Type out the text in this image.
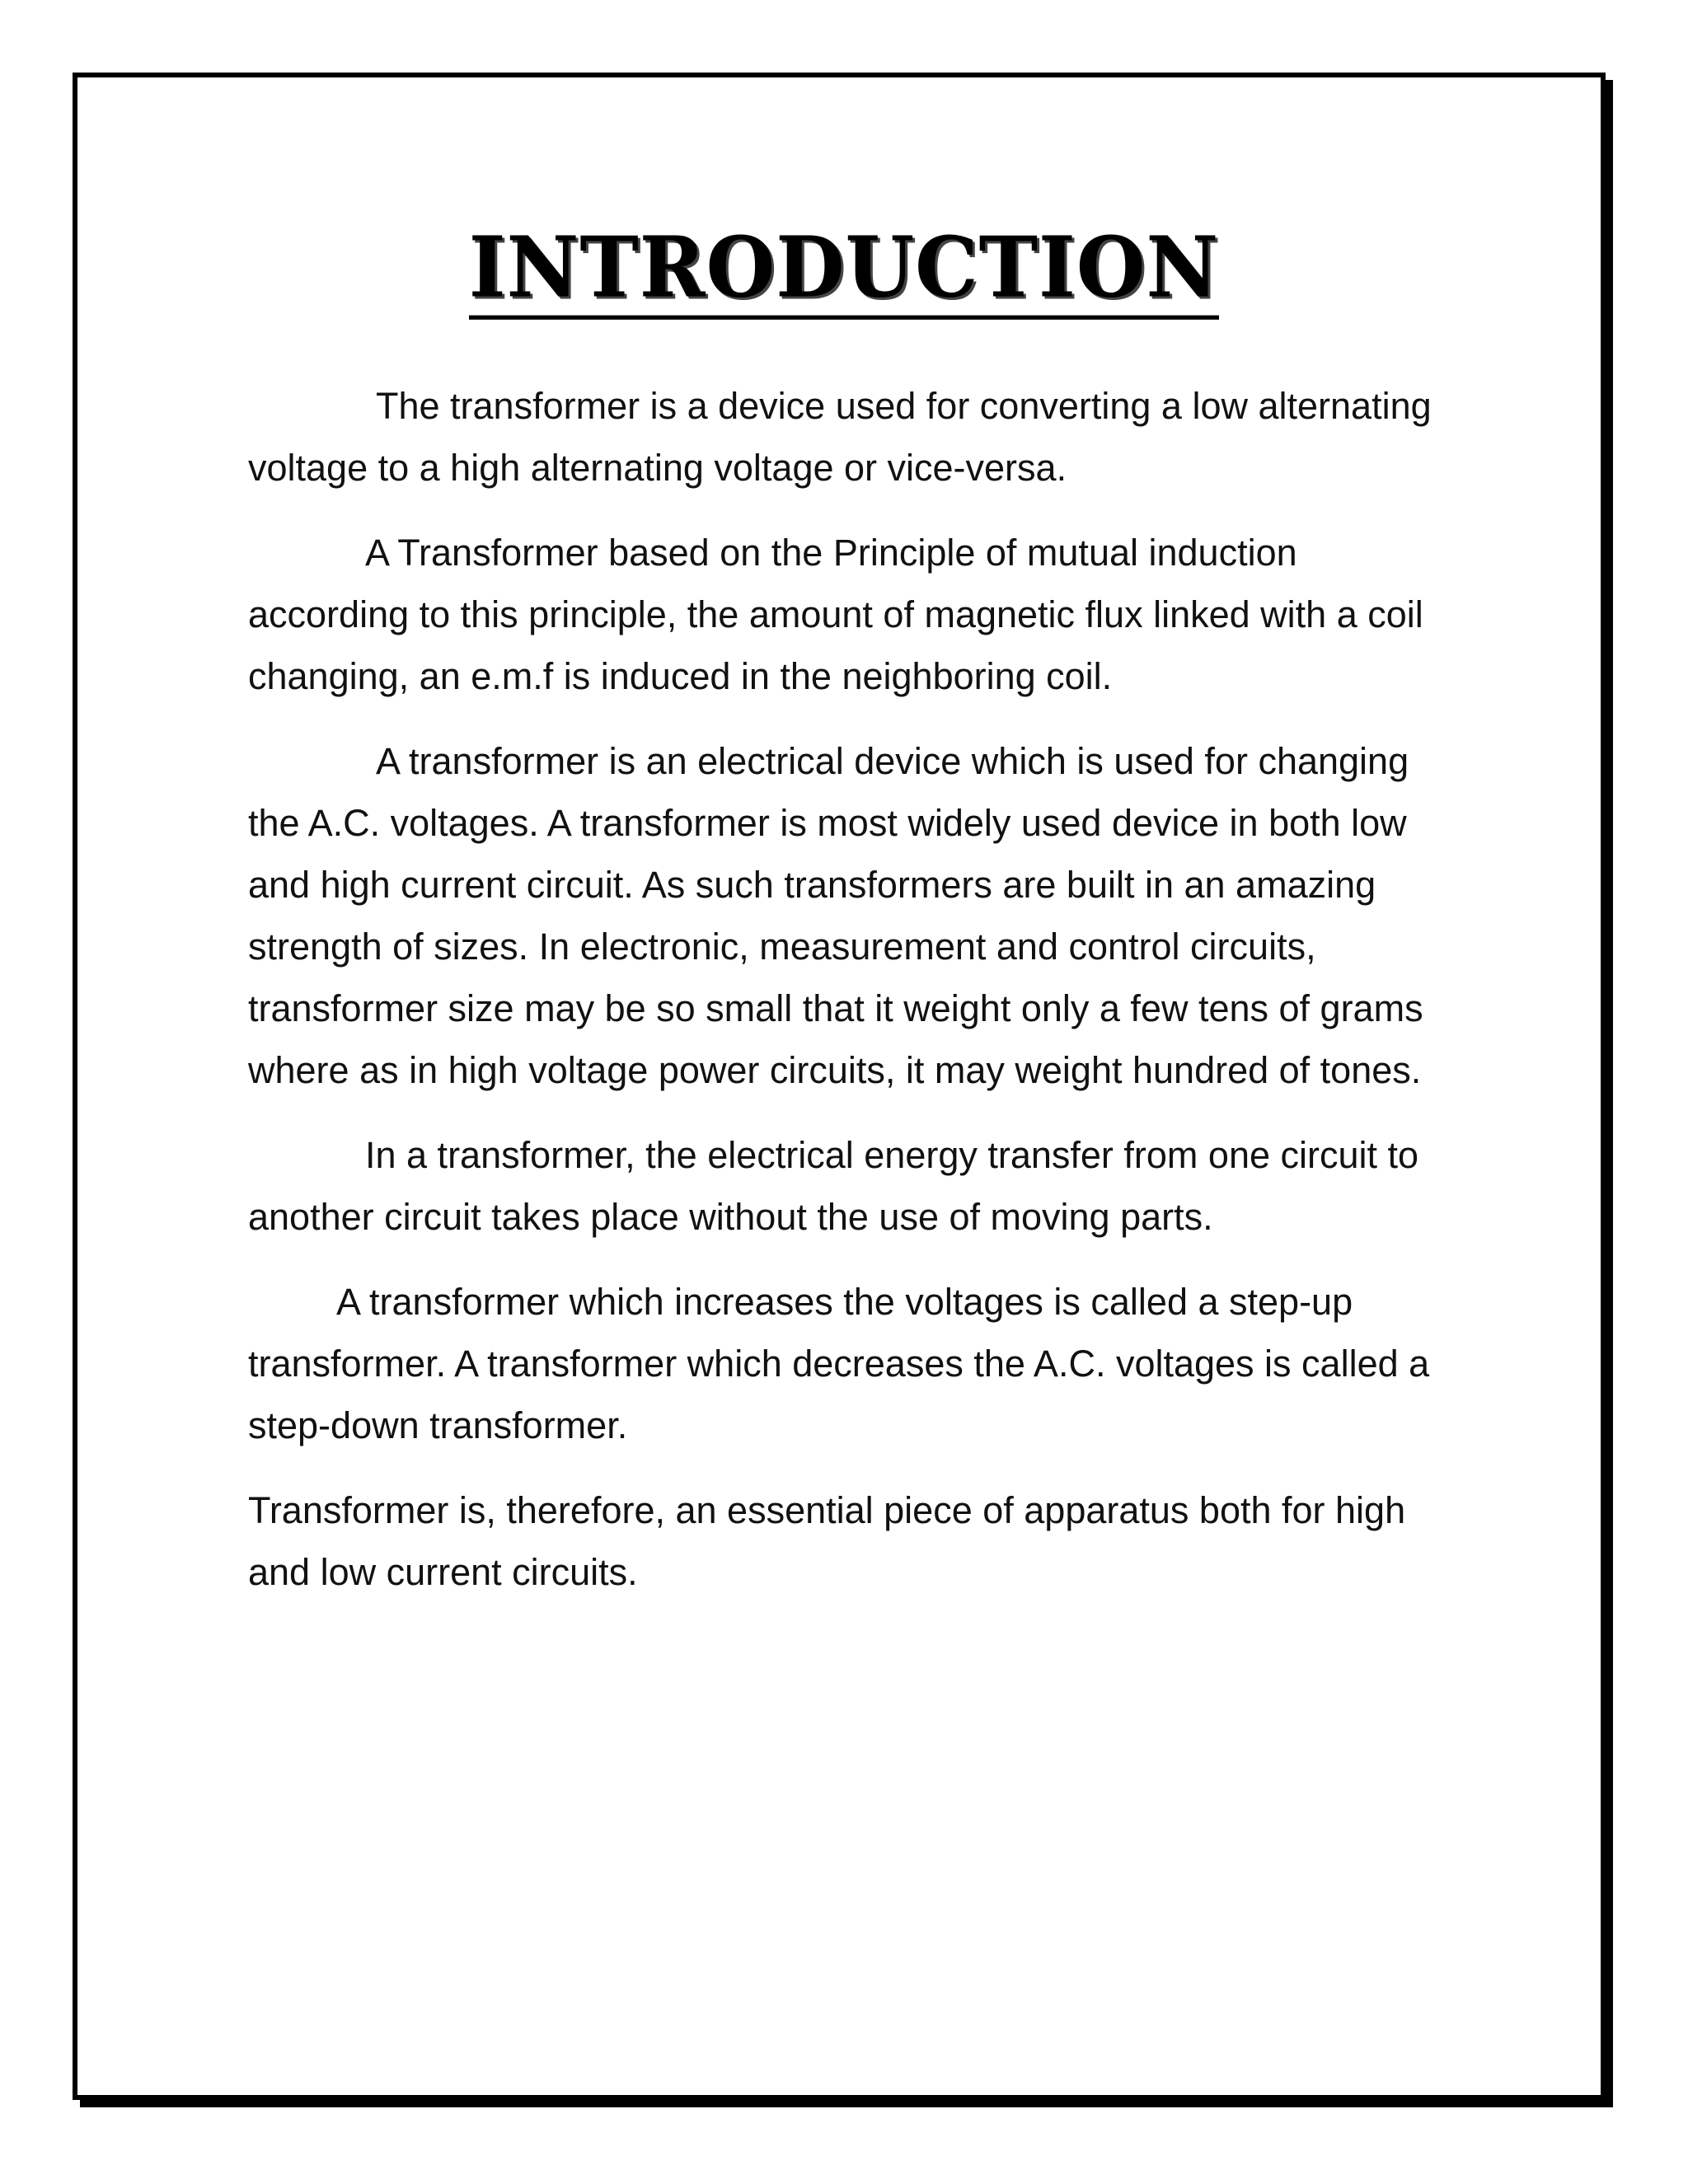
INTRODUCTION

The transformer is a device used for converting a low alternating voltage to a high alternating voltage or vice-versa.

A Transformer based on the Principle of mutual induction according to this principle, the amount of magnetic flux linked with a coil changing, an e.m.f is induced in the neighboring coil.

A transformer is an electrical device which is used for changing the A.C. voltages. A transformer is most widely used device in both low and high current circuit. As such transformers are built in an amazing strength of sizes. In electronic, measurement and control circuits, transformer size may be so small that it weight only a few tens of grams where as in high voltage power circuits, it may weight hundred of tones.

In a transformer, the electrical energy transfer from one circuit to another circuit takes place without the use of moving parts.

A transformer which increases the voltages is called a step-up transformer. A transformer which decreases the A.C. voltages is called a step-down transformer.

Transformer is, therefore, an essential piece of apparatus both for high and low current circuits.
